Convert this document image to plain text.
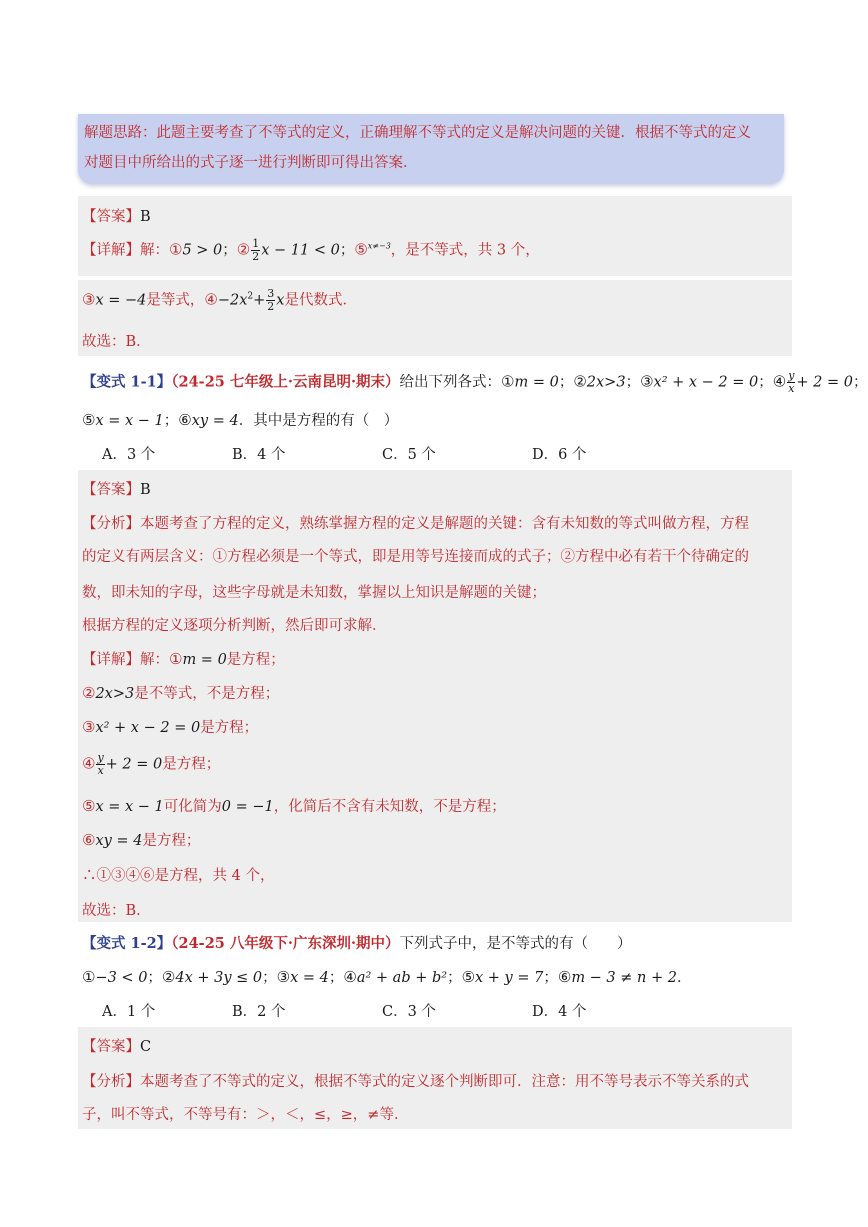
解题思路：此题主要考查了不等式的定义，正确理解不等式的定义是解决问题的关键．根据不等式的定义
对题目中所给出的式子逐一进行判断即可得出答案．
【答案】B
【详解】解：①5 > 0；② $\frac{1}{2}$ x − 11 < 0；⑤$^{x\ne-3}$，是不等式，共 3 个，
③x = −4是等式，$④-2x^2+ \frac{3}{2}$ x是代数式．
故选：B．
【变式 1-1】（24-25 七年级上·云南昆明·期末）给出下列各式：①m = 0；②2x>3；③x² + x − 2 = 0；④ $\frac{y}{x} + 2 = 0$；
⑤x = x − 1；⑥xy = 4．其中是方程的有（　）
A．3 个	B．4 个	C．5 个	D．6 个
【答案】B
【分析】本题考查了方程的定义，熟练掌握方程的定义是解题的关键：含有未知数的等式叫做方程，方程
的定义有两层含义：①方程必须是一个等式，即是用等号连接而成的式子；②方程中必有若干个待确定的
数，即未知的字母，这些字母就是未知数，掌握以上知识是解题的关键；
根据方程的定义逐项分析判断，然后即可求解．
【详解】解：①m = 0是方程；
②2x>3是不等式，不是方程；
③x² + x − 2 = 0是方程；
④ $\frac{y}{x} + 2 = 0$是方程；
⑤x = x − 1可化简为0 = −1，化简后不含有未知数，不是方程；
⑥xy = 4是方程；
∴①③④⑥是方程，共 4 个，
故选：B．
【变式 1-2】（24-25 八年级下·广东深圳·期中）下列式子中，是不等式的有（　　）
①−3 < 0；②4x + 3y ≤ 0；③x = 4；④a² + ab + b²；⑤x + y = 7；⑥m − 3 ≠ n + 2．
A．1 个	B．2 个	C．3 个	D．4 个
【答案】C
【分析】本题考查了不等式的定义，根据不等式的定义逐个判断即可．注意：用不等号表示不等关系的式
子，叫不等式，不等号有：＞，＜，≤，≥，≠等．
